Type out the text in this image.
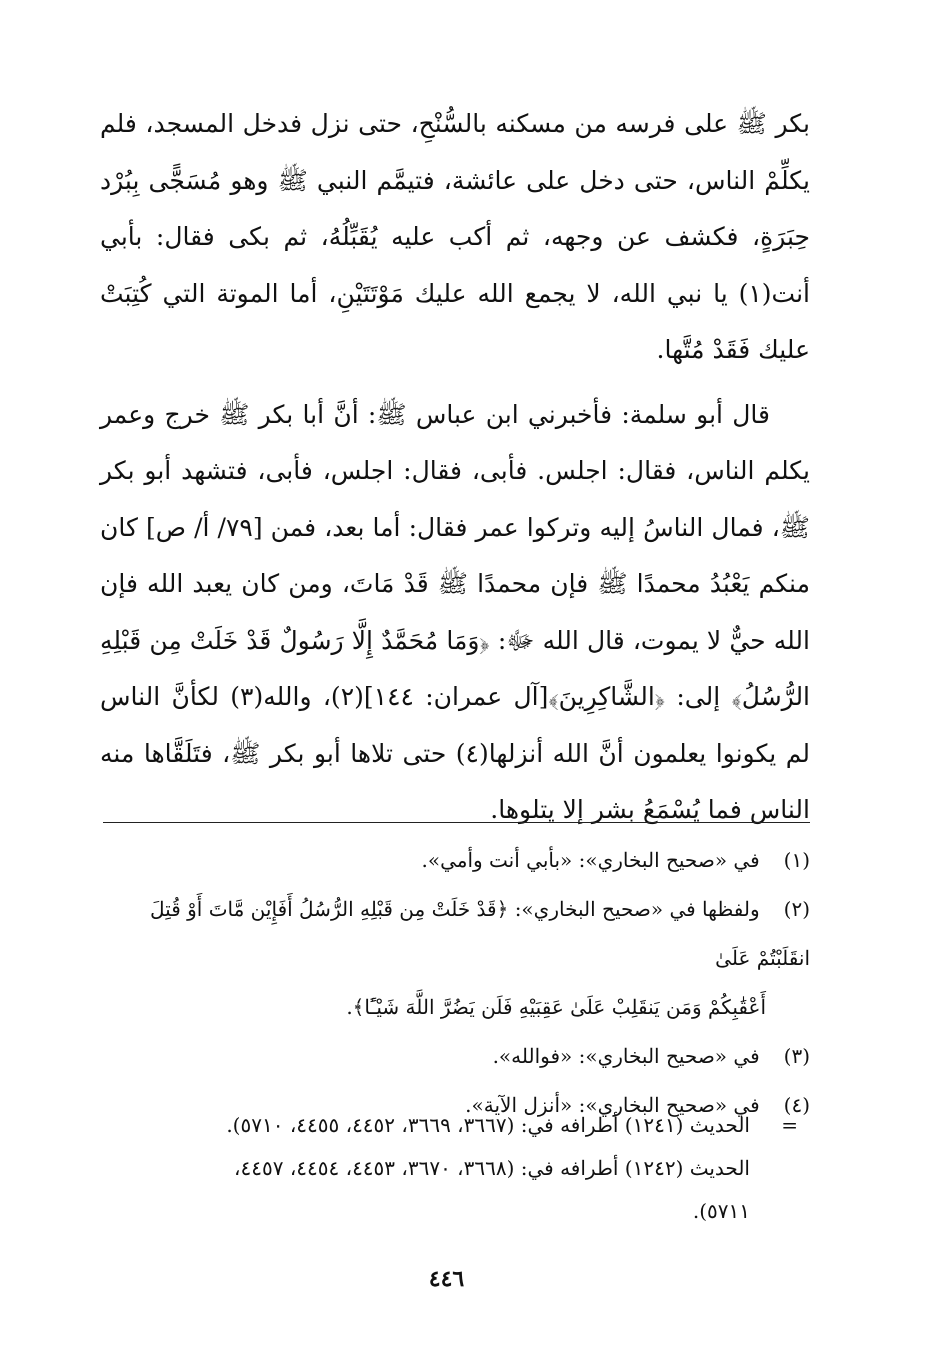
بكر ﷺ على فرسه من مسكنه بالسُّنْحِ، حتى نزل فدخل المسجد، فلم يكلِّمْ الناس، حتى دخل على عائشة، فتيمَّم النبي ﷺ وهو مُسَجًّى بِبُرْد حِبَرَةٍ، فكشف عن وجهه، ثم أكب عليه يُقَبِّلُهُ، ثم بكى فقال: بأبي أنت(١) يا نبي الله، لا يجمع الله عليك مَوْتَتَيْنِ، أما الموتة التي كُتِبَتْ عليك فَقَدْ مُتَّها.

قال أبو سلمة: فأخبرني ابن عباس ﷺ: أنَّ أبا بكر ﷺ خرج وعمر يكلم الناس، فقال: اجلس. فأبى، فقال: اجلس، فأبى، فتشهد أبو بكر ﷺ، فمال الناسُ إليه وتركوا عمر فقال: أما بعد، فمن [٧٩/ أ/ ص] كان منكم يَعْبُدُ محمدًا ﷺ فإن محمدًا ﷺ قَدْ مَاتَ، ومن كان يعبد الله فإن الله حيٌّ لا يموت، قال الله ﷻ: ﴿وَمَا مُحَمَّدٌ إِلَّا رَسُولٌ قَدْ خَلَتْ مِن قَبْلِهِ الرُّسُلُ﴾ إلى: ﴿الشَّاكِرِينَ﴾[آل عمران: ١٤٤](٢)، والله(٣) لكأنَّ الناس لم يكونوا يعلمون أنَّ الله أنزلها(٤) حتى تلاها أبو بكر ﷺ، فتَلَقَّاها منه الناس فما يُسْمَعُ بشر إلا يتلوها.

(١) في «صحيح البخاري»: «بأبي أنت وأمي».
(٢) ولفظها في «صحيح البخاري»: ﴿قَدْ خَلَتْ مِن قَبْلِهِ الرُّسُلُ أَفَإِيْن مَّاتَ أَوْ قُتِلَ انقَلَبْتُمْ عَلَىٰ
أَعْقَٰبِكُمْ وَمَن يَنقَلِبْ عَلَىٰ عَقِبَيْهِ فَلَن يَضُرَّ اللَّهَ شَيْـًٔا﴾.
(٣) في «صحيح البخاري»: «فوالله».
(٤) في «صحيح البخاري»: «أنزل الآية».
=
الحديث (١٢٤١) أطرافه في: (٣٦٦٧، ٣٦٦٩، ٤٤٥٢، ٤٤٥٥، ٥٧١٠).
الحديث (١٢٤٢) أطرافه في: (٣٦٦٨، ٣٦٧٠، ٤٤٥٣، ٤٤٥٤، ٤٤٥٧،
٥٧١١).
٤٤٦
